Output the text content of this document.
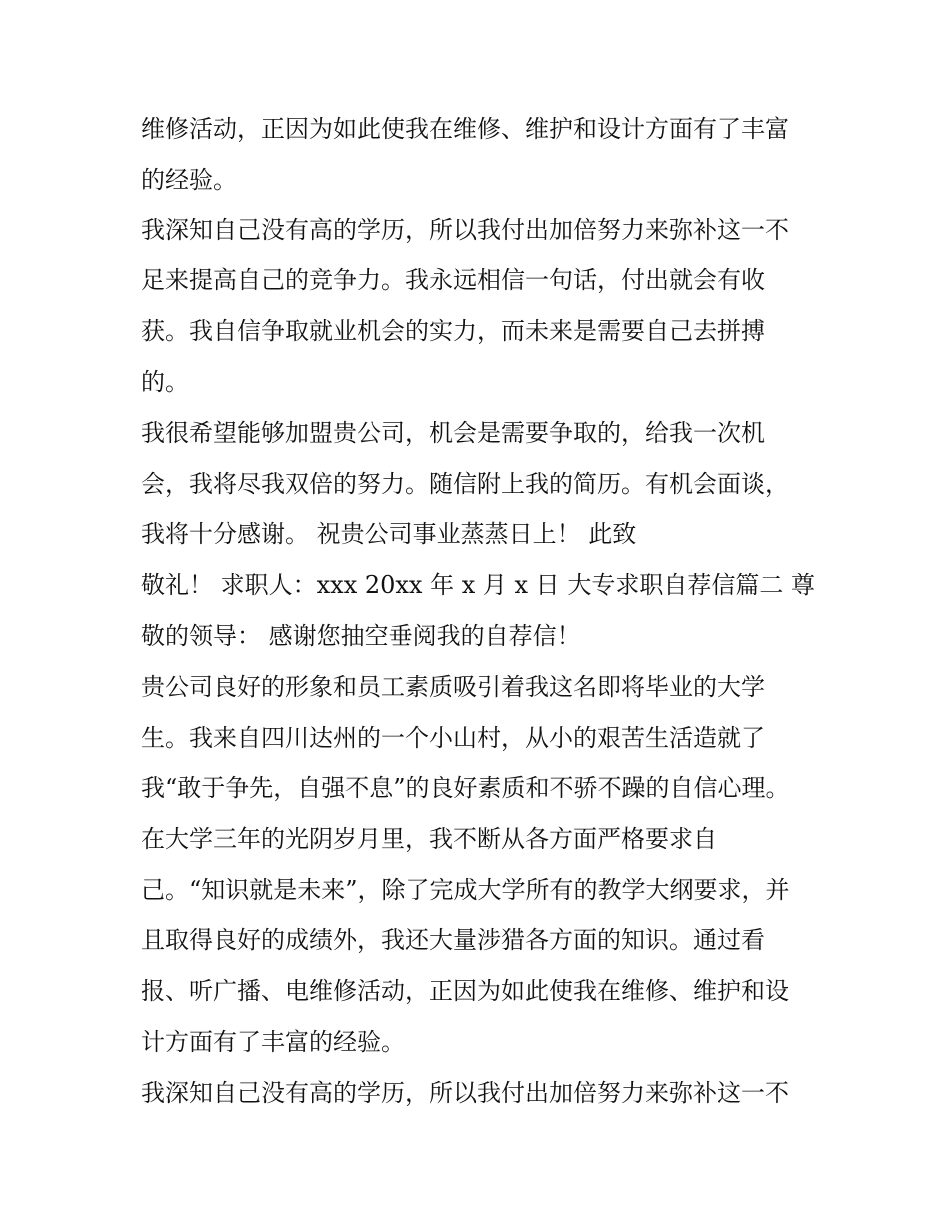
维修活动，正因为如此使我在维修、维护和设计方面有了丰富

的经验。

我深知自己没有高的学历，所以我付出加倍努力来弥补这一不

足来提高自己的竞争力。我永远相信一句话，付出就会有收

获。我自信争取就业机会的实力，而未来是需要自己去拼搏

的。

我很希望能够加盟贵公司，机会是需要争取的，给我一次机

会，我将尽我双倍的努力。随信附上我的简历。有机会面谈，

我将十分感谢。 祝贵公司事业蒸蒸日上！ 此致

敬礼！ 求职人：xxx 20xx 年 x 月 x 日 大专求职自荐信篇二 尊

敬的领导： 感谢您抽空垂阅我的自荐信！

贵公司良好的形象和员工素质吸引着我这名即将毕业的大学

生。我来自四川达州的一个小山村，从小的艰苦生活造就了

我“敢于争先，自强不息”的良好素质和不骄不躁的自信心理。

在大学三年的光阴岁月里，我不断从各方面严格要求自

己。“知识就是未来”，除了完成大学所有的教学大纲要求，并

且取得良好的成绩外，我还大量涉猎各方面的知识。通过看

报、听广播、电维修活动，正因为如此使我在维修、维护和设

计方面有了丰富的经验。

我深知自己没有高的学历，所以我付出加倍努力来弥补这一不
